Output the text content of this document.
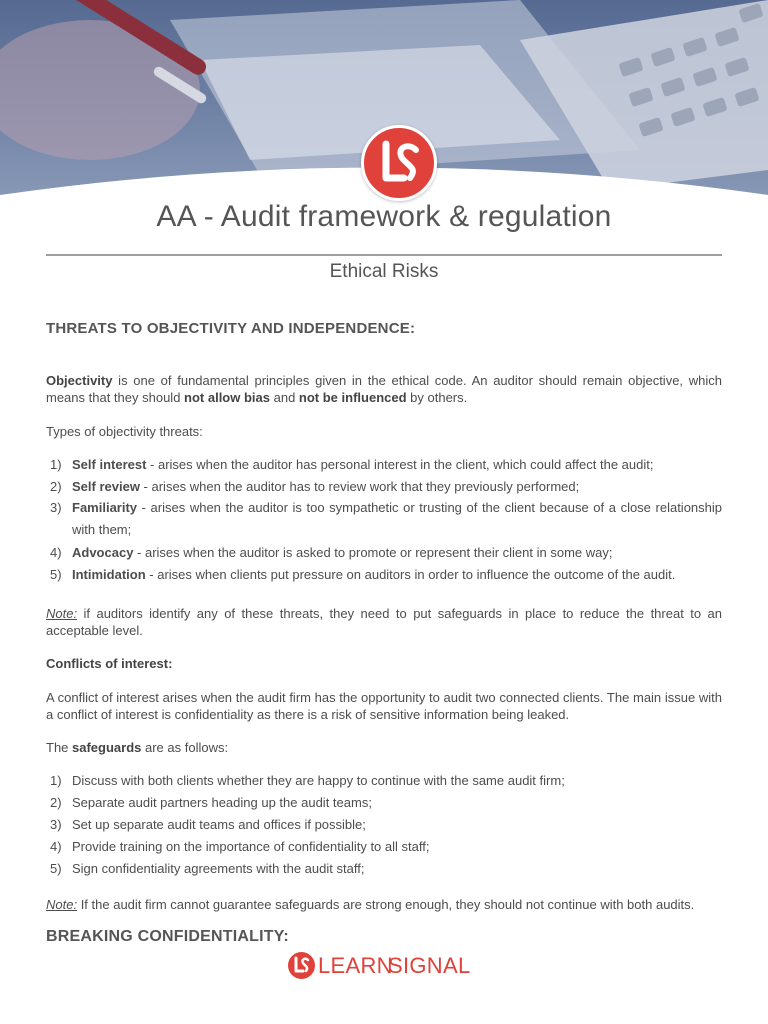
AA - Audit framework & regulation
Ethical Risks
THREATS TO OBJECTIVITY AND INDEPENDENCE:

Objectivity is one of fundamental principles given in the ethical code. An auditor should remain objective, which means that they should not allow bias and not be influenced by others.

Types of objectivity threats:

1) Self interest - arises when the auditor has personal interest in the client, which could affect the audit;
2) Self review - arises when the auditor has to review work that they previously performed;
3) Familiarity - arises when the auditor is too sympathetic or trusting of the client because of a close relationship with them;
4) Advocacy - arises when the auditor is asked to promote or represent their client in some way;
5) Intimidation - arises when clients put pressure on auditors in order to influence the outcome of the audit.

Note: if auditors identify any of these threats, they need to put safeguards in place to reduce the threat to an acceptable level.

Conflicts of interest:

A conflict of interest arises when the audit firm has the opportunity to audit two connected clients. The main issue with a conflict of interest is confidentiality as there is a risk of sensitive information being leaked.

The safeguards are as follows:

1) Discuss with both clients whether they are happy to continue with the same audit firm;
2) Separate audit partners heading up the audit teams;
3) Set up separate audit teams and offices if possible;
4) Provide training on the importance of confidentiality to all staff;
5) Sign confidentiality agreements with the audit staff;

Note: If the audit firm cannot guarantee safeguards are strong enough, they should not continue with both audits.

BREAKING CONFIDENTIALITY:
LEARN
SIGNAL
